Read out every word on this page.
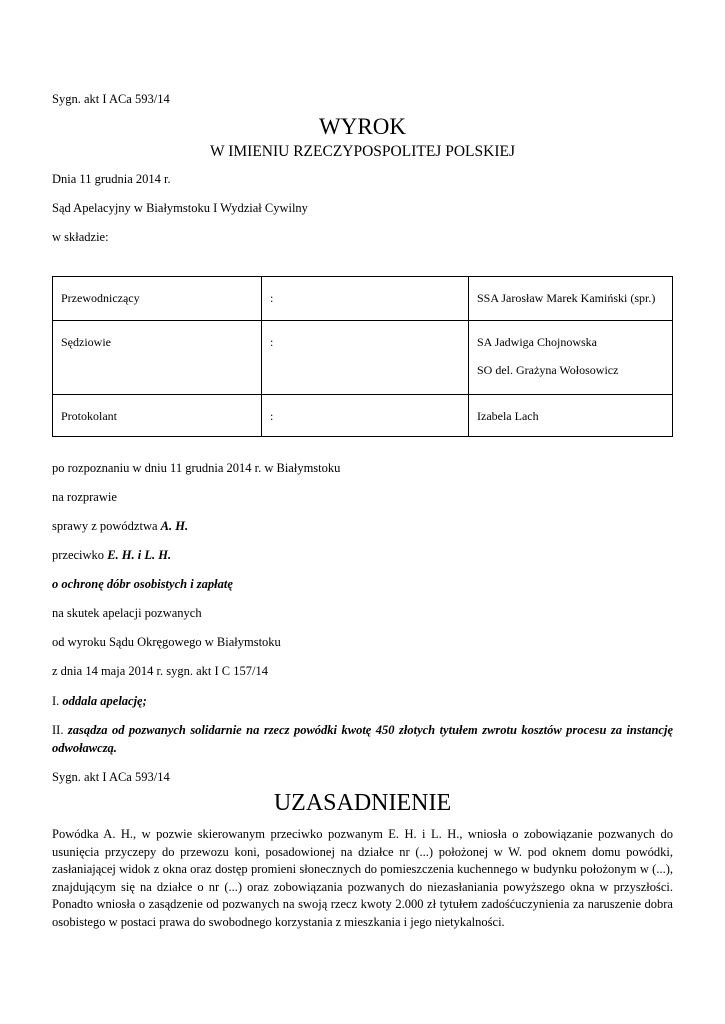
Sygn. akt I ACa 593/14
WYROK
W IMIENIU RZECZYPOSPOLITEJ POLSKIEJ
Dnia 11 grudnia 2014 r.
Sąd Apelacyjny w Białymstoku I Wydział Cywilny
w składzie:
Przewodniczący	:	SSA Jarosław Marek Kamiński (spr.)
Sędziowie	:	SA Jadwiga Chojnowska
SO del. Grażyna Wołosowicz

Protokolant	:	Izabela Lach
po rozpoznaniu w dniu 11 grudnia 2014 r. w Białymstoku
na rozprawie
sprawy z powództwa A. H.
przeciwko E. H. i L. H.
o ochronę dóbr osobistych i zapłatę
na skutek apelacji pozwanych
od wyroku Sądu Okręgowego w Białymstoku
z dnia 14 maja 2014 r. sygn. akt I C 157/14
I. oddala apelację;
II. zasądza od pozwanych solidarnie na rzecz powódki kwotę 450 złotych tytułem zwrotu kosztów procesu za instancję odwoławczą.
Sygn. akt I ACa 593/14
UZASADNIENIE
Powódka A. H., w pozwie skierowanym przeciwko pozwanym E. H. i L. H., wniosła o zobowiązanie pozwanych do usunięcia przyczepy do przewozu koni, posadowionej na działce nr (...) położonej w W. pod oknem domu powódki, zasłaniającej widok z okna oraz dostęp promieni słonecznych do pomieszczenia kuchennego w budynku położonym w (...), znajdującym się na działce o nr (...) oraz zobowiązania pozwanych do niezasłaniania powyższego okna w przyszłości. Ponadto wniosła o zasądzenie od pozwanych na swoją rzecz kwoty 2.000 zł tytułem zadośćuczynienia za naruszenie dobra osobistego w postaci prawa do swobodnego korzystania z mieszkania i jego nietykalności.
